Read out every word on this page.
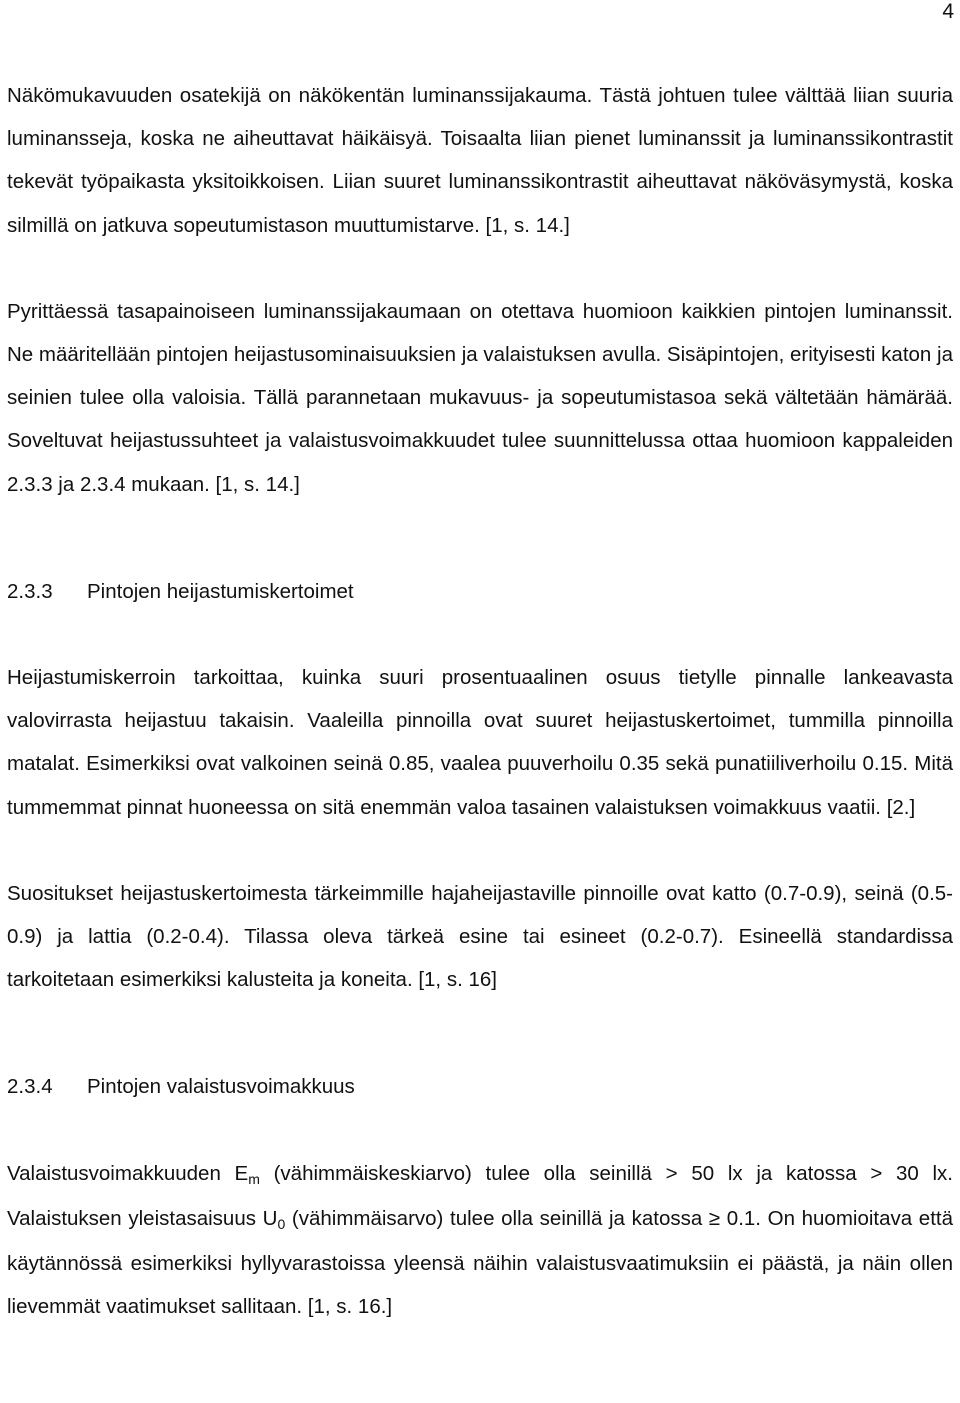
4

Näkömukavuuden osatekijä on näkökentän luminanssijakauma. Tästä johtuen tulee välttää liian suuria luminansseja, koska ne aiheuttavat häikäisyä. Toisaalta liian pienet luminanssit ja luminanssikontrastit tekevät työpaikasta yksitoikkoisen. Liian suuret luminanssikontrastit aiheuttavat näköväsymystä, koska silmillä on jatkuva sopeutumistason muuttumistarve. [1, s. 14.]

Pyrittäessä tasapainoiseen luminanssijakaumaan on otettava huomioon kaikkien pintojen luminanssit. Ne määritellään pintojen heijastusominaisuuksien ja valaistuksen avulla. Sisäpintojen, erityisesti katon ja seinien tulee olla valoisia. Tällä parannetaan mukavuus- ja sopeutumistasoa sekä vältetään hämärää. Soveltuvat heijastussuhteet ja valaistusvoimakkuudet tulee suunnittelussa ottaa huomioon kappaleiden 2.3.3 ja 2.3.4 mukaan. [1, s. 14.]

2.3.3 Pintojen heijastumiskertoimet

Heijastumiskerroin tarkoittaa, kuinka suuri prosentuaalinen osuus tietylle pinnalle lankeavasta valovirrasta heijastuu takaisin. Vaaleilla pinnoilla ovat suuret heijastuskertoimet, tummilla pinnoilla matalat. Esimerkiksi ovat valkoinen seinä 0.85, vaalea puuverhoilu 0.35 sekä punatiiliverhoilu 0.15. Mitä tummemmat pinnat huoneessa on sitä enemmän valoa tasainen valaistuksen voimakkuus vaatii. [2.]

Suositukset heijastuskertoimesta tärkeimmille hajaheijastaville pinnoille ovat katto (0.7-0.9), seinä (0.5-0.9) ja lattia (0.2-0.4). Tilassa oleva tärkeä esine tai esineet (0.2-0.7). Esineellä standardissa tarkoitetaan esimerkiksi kalusteita ja koneita. [1, s. 16]

2.3.4 Pintojen valaistusvoimakkuus

Valaistusvoimakkuuden $E_m$ (vähimmäiskeskiarvo) tulee olla seinillä > 50 lx ja katossa > 30 lx. Valaistuksen yleistasaisuus $U_0$ (vähimmäisarvo) tulee olla seinillä ja katossa ≥ 0.1. On huomioitava että käytännössä esimerkiksi hyllyvarastoissa yleensä näihin valaistusvaatimuksiin ei päästä, ja näin ollen lievemmät vaatimukset sallitaan. [1, s. 16.]
